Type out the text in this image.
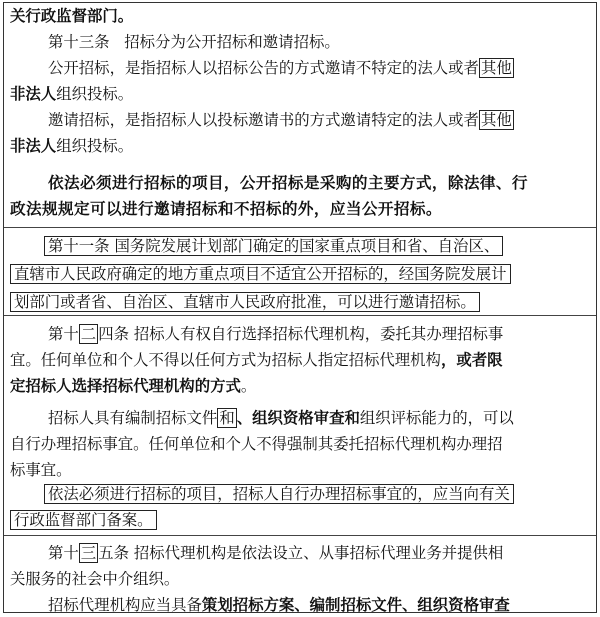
关行政监督部门。
第十三条 招标分为公开招标和邀请招标。
公开招标，是指招标人以招标公告的方式邀请不特定的法人或者 其他
非法人组织投标。
邀请招标，是指招标人以投标邀请书的方式邀请特定的法人或者 其他
非法人组织投标。
依法必须进行招标的项目，公开招标是采购的主要方式，除法律、行
政法规规定可以进行邀请招标和不招标的外，应当公开招标。
第十一条 国务院发展计划部门确定的国家重点项目和省、自治区、
直辖市人民政府确定的地方重点项目不适宜公开招标的，经国务院发展计
划部门或者省、自治区、直辖市人民政府批准，可以进行邀请招标。
第十 二 四条 招标人有权自行选择招标代理机构，委托其办理招标事
宜。任何单位和个人不得以任何方式为招标人指定招标代理机构，或者限
定招标人选择招标代理机构的方式。
招标人具有编制招标文件 和 、组织资格审查和组织评标能力的，可以
自行办理招标事宜。任何单位和个人不得强制其委托招标代理机构办理招
标事宜。
依法必须进行招标的项目，招标人自行办理招标事宜的，应当向有关
行政监督部门备案。
第十 三 五条 招标代理机构是依法设立、从事招标代理业务并提供相
关服务的社会中介组织。
招标代理机构应当具备策划招标方案、编制招标文件、组织资格审查
